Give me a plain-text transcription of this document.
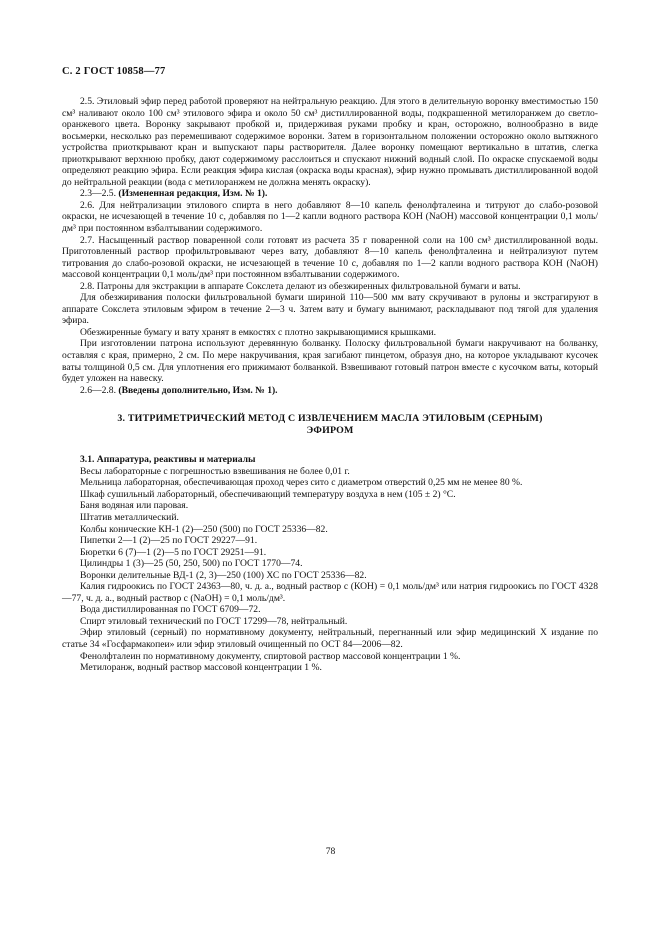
С. 2 ГОСТ 10858—77

2.5. Этиловый эфир перед работой проверяют на нейтральную реакцию. Для этого в делительную воронку вместимостью 150 см³ наливают около 100 см³ этилового эфира и около 50 см³ дистиллированной воды, подкрашенной метилоранжем до светло-оранжевого цвета. Воронку закрывают пробкой и, придерживая руками пробку и кран, осторожно, волнообразно в виде восьмерки, несколько раз перемешивают содержимое воронки. Затем в горизонтальном положении осторожно около вытяжного устройства приоткрывают кран и выпускают пары растворителя. Далее воронку помещают вертикально в штатив, слегка приоткрывают верхнюю пробку, дают содержимому расслоиться и спускают нижний водный слой. По окраске спускаемой воды определяют реакцию эфира. Если реакция эфира кислая (окраска воды красная), эфир нужно промывать дистиллированной водой до нейтральной реакции (вода с метилоранжем не должна менять окраску).

2.3—2.5. (Измененная редакция, Изм. № 1).

2.6. Для нейтрализации этилового спирта в него добавляют 8—10 капель фенолфталеина и титруют до слабо-розовой окраски, не исчезающей в течение 10 с, добавляя по 1—2 капли водного раствора КОН (NaOH) массовой концентрации 0,1 моль/дм³ при постоянном взбалтывании содержимого.

2.7. Насыщенный раствор поваренной соли готовят из расчета 35 г поваренной соли на 100 см³ дистиллированной воды. Приготовленный раствор профильтровывают через вату, добавляют 8—10 капель фенолфталеина и нейтрализуют путем титрования до слабо-розовой окраски, не исчезающей в течение 10 с, добавляя по 1—2 капли водного раствора КОН (NaOH) массовой концентрации 0,1 моль/дм³ при постоянном взбалтывании содержимого.

2.8. Патроны для экстракции в аппарате Сокслета делают из обезжиренных фильтровальной бумаги и ваты.

Для обезжиривания полоски фильтровальной бумаги шириной 110—500 мм вату скручивают в рулоны и экстрагируют в аппарате Сокслета этиловым эфиром в течение 2—3 ч. Затем вату и бумагу вынимают, раскладывают под тягой для удаления эфира.

Обезжиренные бумагу и вату хранят в емкостях с плотно закрывающимися крышками.

При изготовлении патрона используют деревянную болванку. Полоску фильтровальной бумаги накручивают на болванку, оставляя с края, примерно, 2 см. По мере накручивания, края загибают пинцетом, образуя дно, на которое укладывают кусочек ваты толщиной 0,5 см. Для уплотнения его прижимают болванкой. Взвешивают готовый патрон вместе с кусочком ваты, который будет уложен на навеску.

2.6—2.8. (Введены дополнительно, Изм. № 1).

3. ТИТРИМЕТРИЧЕСКИЙ МЕТОД С ИЗВЛЕЧЕНИЕМ МАСЛА ЭТИЛОВЫМ (СЕРНЫМ) ЭФИРОМ

3.1. Аппаратура, реактивы и материалы

Весы лабораторные с погрешностью взвешивания не более 0,01 г.

Мельница лабораторная, обеспечивающая проход через сито с диаметром отверстий 0,25 мм не менее 80 %.

Шкаф сушильный лабораторный, обеспечивающий температуру воздуха в нем (105 ± 2) °С.

Баня водяная или паровая.

Штатив металлический.

Колбы конические КН-1 (2)—250 (500) по ГОСТ 25336—82.

Пипетки 2—1 (2)—25 по ГОСТ 29227—91.

Бюретки 6 (7)—1 (2)—5 по ГОСТ 29251—91.

Цилиндры 1 (3)—25 (50, 250, 500) по ГОСТ 1770—74.

Воронки делительные ВД-1 (2, 3)—250 (100) ХС по ГОСТ 25336—82.

Калия гидроокись по ГОСТ 24363—80, ч. д. а., водный раствор с (КОН) = 0,1 моль/дм³ или натрия гидроокись по ГОСТ 4328—77, ч. д. а., водный раствор с (NaOH) = 0,1 моль/дм³.

Вода дистиллированная по ГОСТ 6709—72.

Спирт этиловый технический по ГОСТ 17299—78, нейтральный.

Эфир этиловый (серный) по нормативному документу, нейтральный, перегнанный или эфир медицинский X издание по статье 34 «Госфармакопеи» или эфир этиловый очищенный по ОСТ 84—2006—82.

Фенолфталеин по нормативному документу, спиртовой раствор массовой концентрации 1 %.

Метилоранж, водный раствор массовой концентрации 1 %.

78
